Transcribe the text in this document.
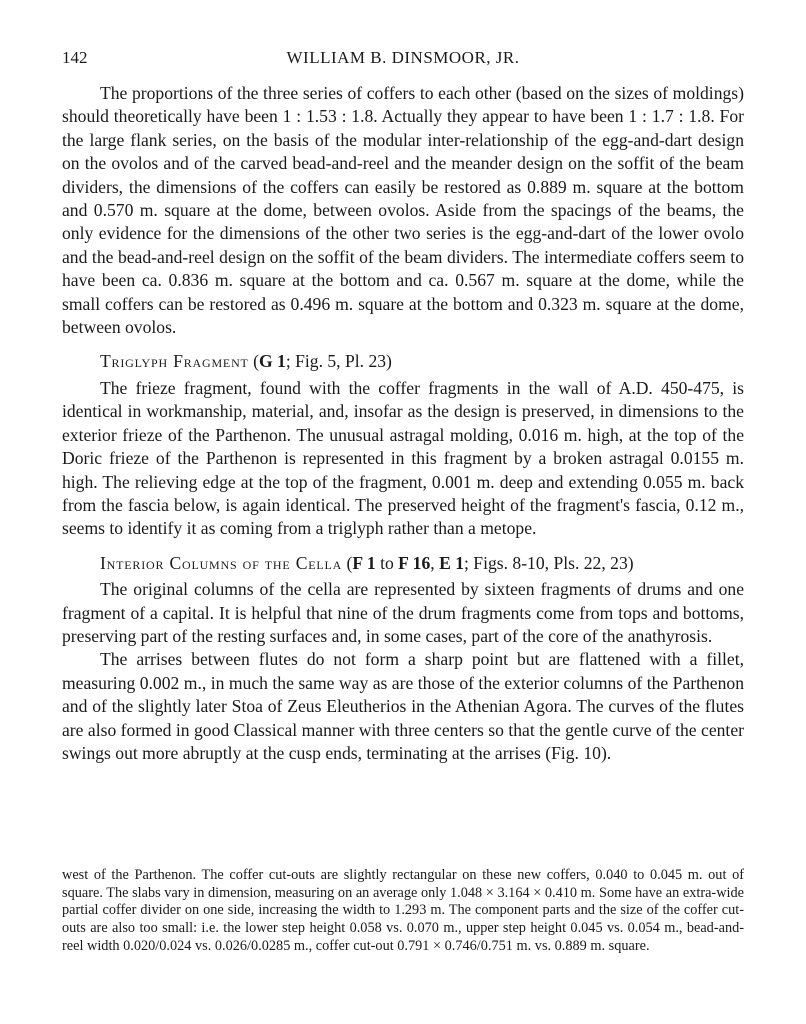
142	WILLIAM B. DINSMOOR, JR.

The proportions of the three series of coffers to each other (based on the sizes of moldings) should theoretically have been 1 : 1.53 : 1.8. Actually they appear to have been 1 : 1.7 : 1.8. For the large flank series, on the basis of the modular inter-relationship of the egg-and-dart design on the ovolos and of the carved bead-and-reel and the meander design on the soffit of the beam dividers, the dimensions of the coffers can easily be restored as 0.889 m. square at the bottom and 0.570 m. square at the dome, between ovolos. Aside from the spacings of the beams, the only evidence for the dimensions of the other two series is the egg-and-dart of the lower ovolo and the bead-and-reel design on the soffit of the beam dividers. The intermediate coffers seem to have been ca. 0.836 m. square at the bottom and ca. 0.567 m. square at the dome, while the small coffers can be restored as 0.496 m. square at the bottom and 0.323 m. square at the dome, between ovolos.

Triglyph Fragment (G 1; Fig. 5, Pl. 23)

The frieze fragment, found with the coffer fragments in the wall of A.D. 450-475, is identical in workmanship, material, and, insofar as the design is preserved, in dimensions to the exterior frieze of the Parthenon. The unusual astragal molding, 0.016 m. high, at the top of the Doric frieze of the Parthenon is represented in this fragment by a broken astragal 0.0155 m. high. The relieving edge at the top of the fragment, 0.001 m. deep and extending 0.055 m. back from the fascia below, is again identical. The preserved height of the fragment's fascia, 0.12 m., seems to identify it as coming from a triglyph rather than a metope.

Interior Columns of the Cella (F 1 to F 16, E 1; Figs. 8-10, Pls. 22, 23)

The original columns of the cella are represented by sixteen fragments of drums and one fragment of a capital. It is helpful that nine of the drum fragments come from tops and bottoms, preserving part of the resting surfaces and, in some cases, part of the core of the anathyrosis.

The arrises between flutes do not form a sharp point but are flattened with a fillet, measuring 0.002 m., in much the same way as are those of the exterior columns of the Parthenon and of the slightly later Stoa of Zeus Eleutherios in the Athenian Agora. The curves of the flutes are also formed in good Classical manner with three centers so that the gentle curve of the center swings out more abruptly at the cusp ends, terminating at the arrises (Fig. 10).

west of the Parthenon. The coffer cut-outs are slightly rectangular on these new coffers, 0.040 to 0.045 m. out of square. The slabs vary in dimension, measuring on an average only 1.048 × 3.164 × 0.410 m. Some have an extra-wide partial coffer divider on one side, increasing the width to 1.293 m. The component parts and the size of the coffer cut-outs are also too small: i.e. the lower step height 0.058 vs. 0.070 m., upper step height 0.045 vs. 0.054 m., bead-and-reel width 0.020/0.024 vs. 0.026/0.0285 m., coffer cut-out 0.791 × 0.746/0.751 m. vs. 0.889 m. square.
